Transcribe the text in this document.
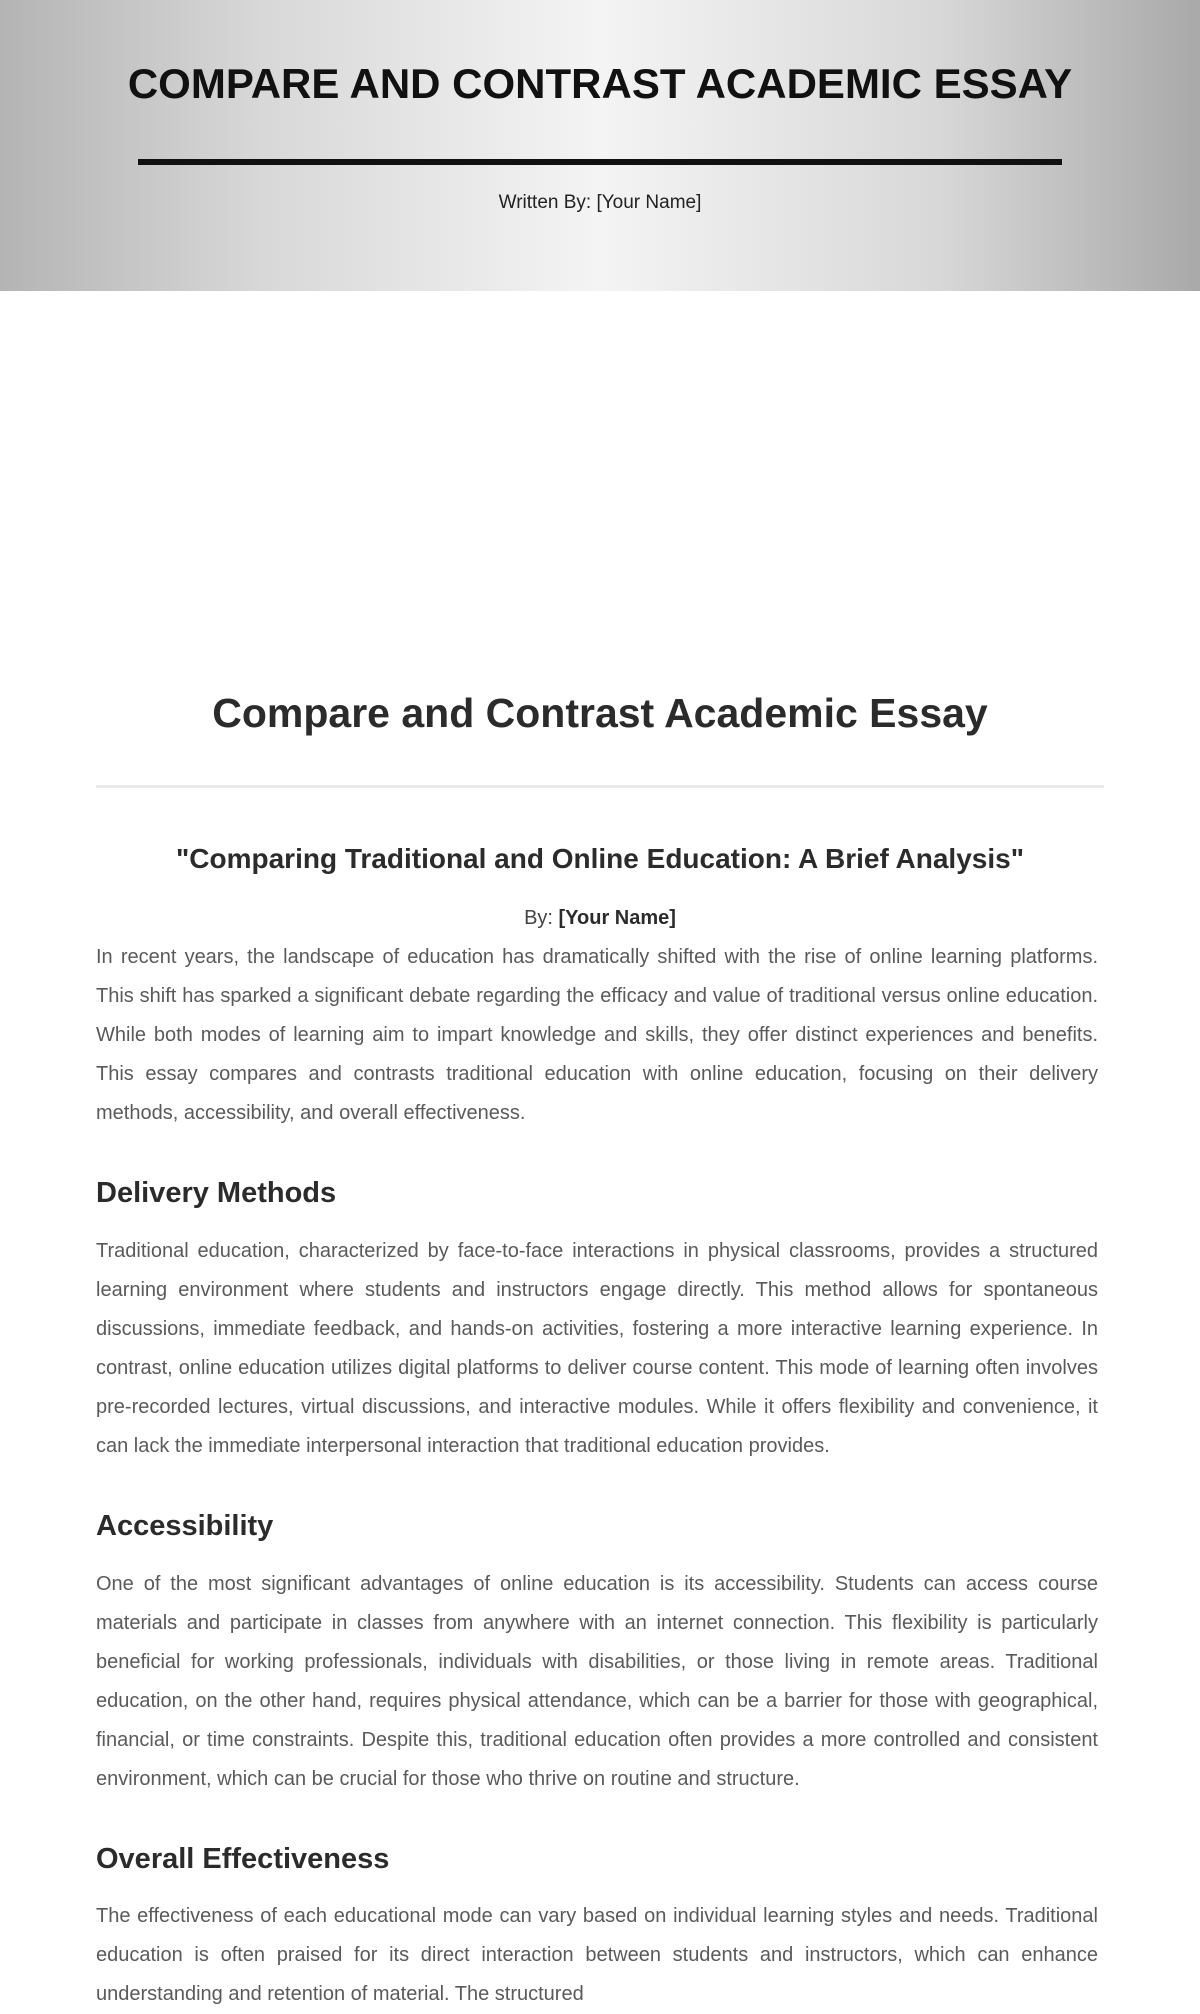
COMPARE AND CONTRAST ACADEMIC ESSAY
Written By: [Your Name]
Compare and Contrast Academic Essay
"Comparing Traditional and Online Education: A Brief Analysis"
By: [Your Name]

In recent years, the landscape of education has dramatically shifted with the rise of online learning platforms. This shift has sparked a significant debate regarding the efficacy and value of traditional versus online education. While both modes of learning aim to impart knowledge and skills, they offer distinct experiences and benefits. This essay compares and contrasts traditional education with online education, focusing on their delivery methods, accessibility, and overall effectiveness.

Delivery Methods

Traditional education, characterized by face-to-face interactions in physical classrooms, provides a structured learning environment where students and instructors engage directly. This method allows for spontaneous discussions, immediate feedback, and hands-on activities, fostering a more interactive learning experience. In contrast, online education utilizes digital platforms to deliver course content. This mode of learning often involves pre-recorded lectures, virtual discussions, and interactive modules. While it offers flexibility and convenience, it can lack the immediate interpersonal interaction that traditional education provides.

Accessibility

One of the most significant advantages of online education is its accessibility. Students can access course materials and participate in classes from anywhere with an internet connection. This flexibility is particularly beneficial for working professionals, individuals with disabilities, or those living in remote areas. Traditional education, on the other hand, requires physical attendance, which can be a barrier for those with geographical, financial, or time constraints. Despite this, traditional education often provides a more controlled and consistent environment, which can be crucial for those who thrive on routine and structure.

Overall Effectiveness

The effectiveness of each educational mode can vary based on individual learning styles and needs. Traditional education is often praised for its direct interaction between students and instructors, which can enhance understanding and retention of material. The structured
